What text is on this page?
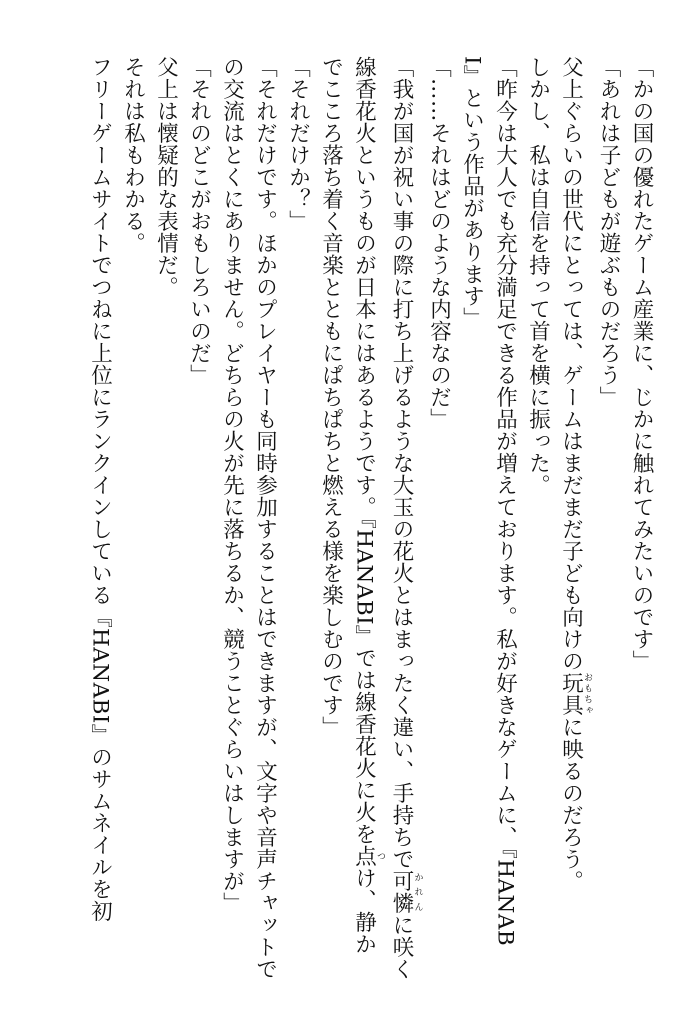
「かの国の優れたゲーム産業に、じかに触れてみたいのです」

「あれは子どもが遊ぶものだろう」

父上ぐらいの世代にとっては、ゲームはまだまだ子ども向けの玩具おもちゃに映るのだろう。

しかし、私は自信を持って首を横に振った。

「昨今は大人でも充分満足できる作品が増えております。私が好きなゲームに、『HANAB

I』という作品があります」

「……それはどのような内容なのだ」

「我が国が祝い事の際に打ち上げるような大玉の花火とはまったく違い、手持ちで可憐かれんに咲く

線香花火というものが日本にはあるようです。『HANABI』では線香花火に火を点つけ、静か

でこころ落ち着く音楽とともにぱちぱちと燃える様を楽しむのです」

「それだけか？」

「それだけです。ほかのプレイヤーも同時参加することはできますが、文字や音声チャットで

の交流はとくにありません。どちらの火が先に落ちるか、競うことぐらいはしますが」

「それのどこがおもしろいのだ」

父上は懐疑的な表情だ。

それは私もわかる。

フリーゲームサイトでつねに上位にランクインしている『HANABI』のサムネイルを初
